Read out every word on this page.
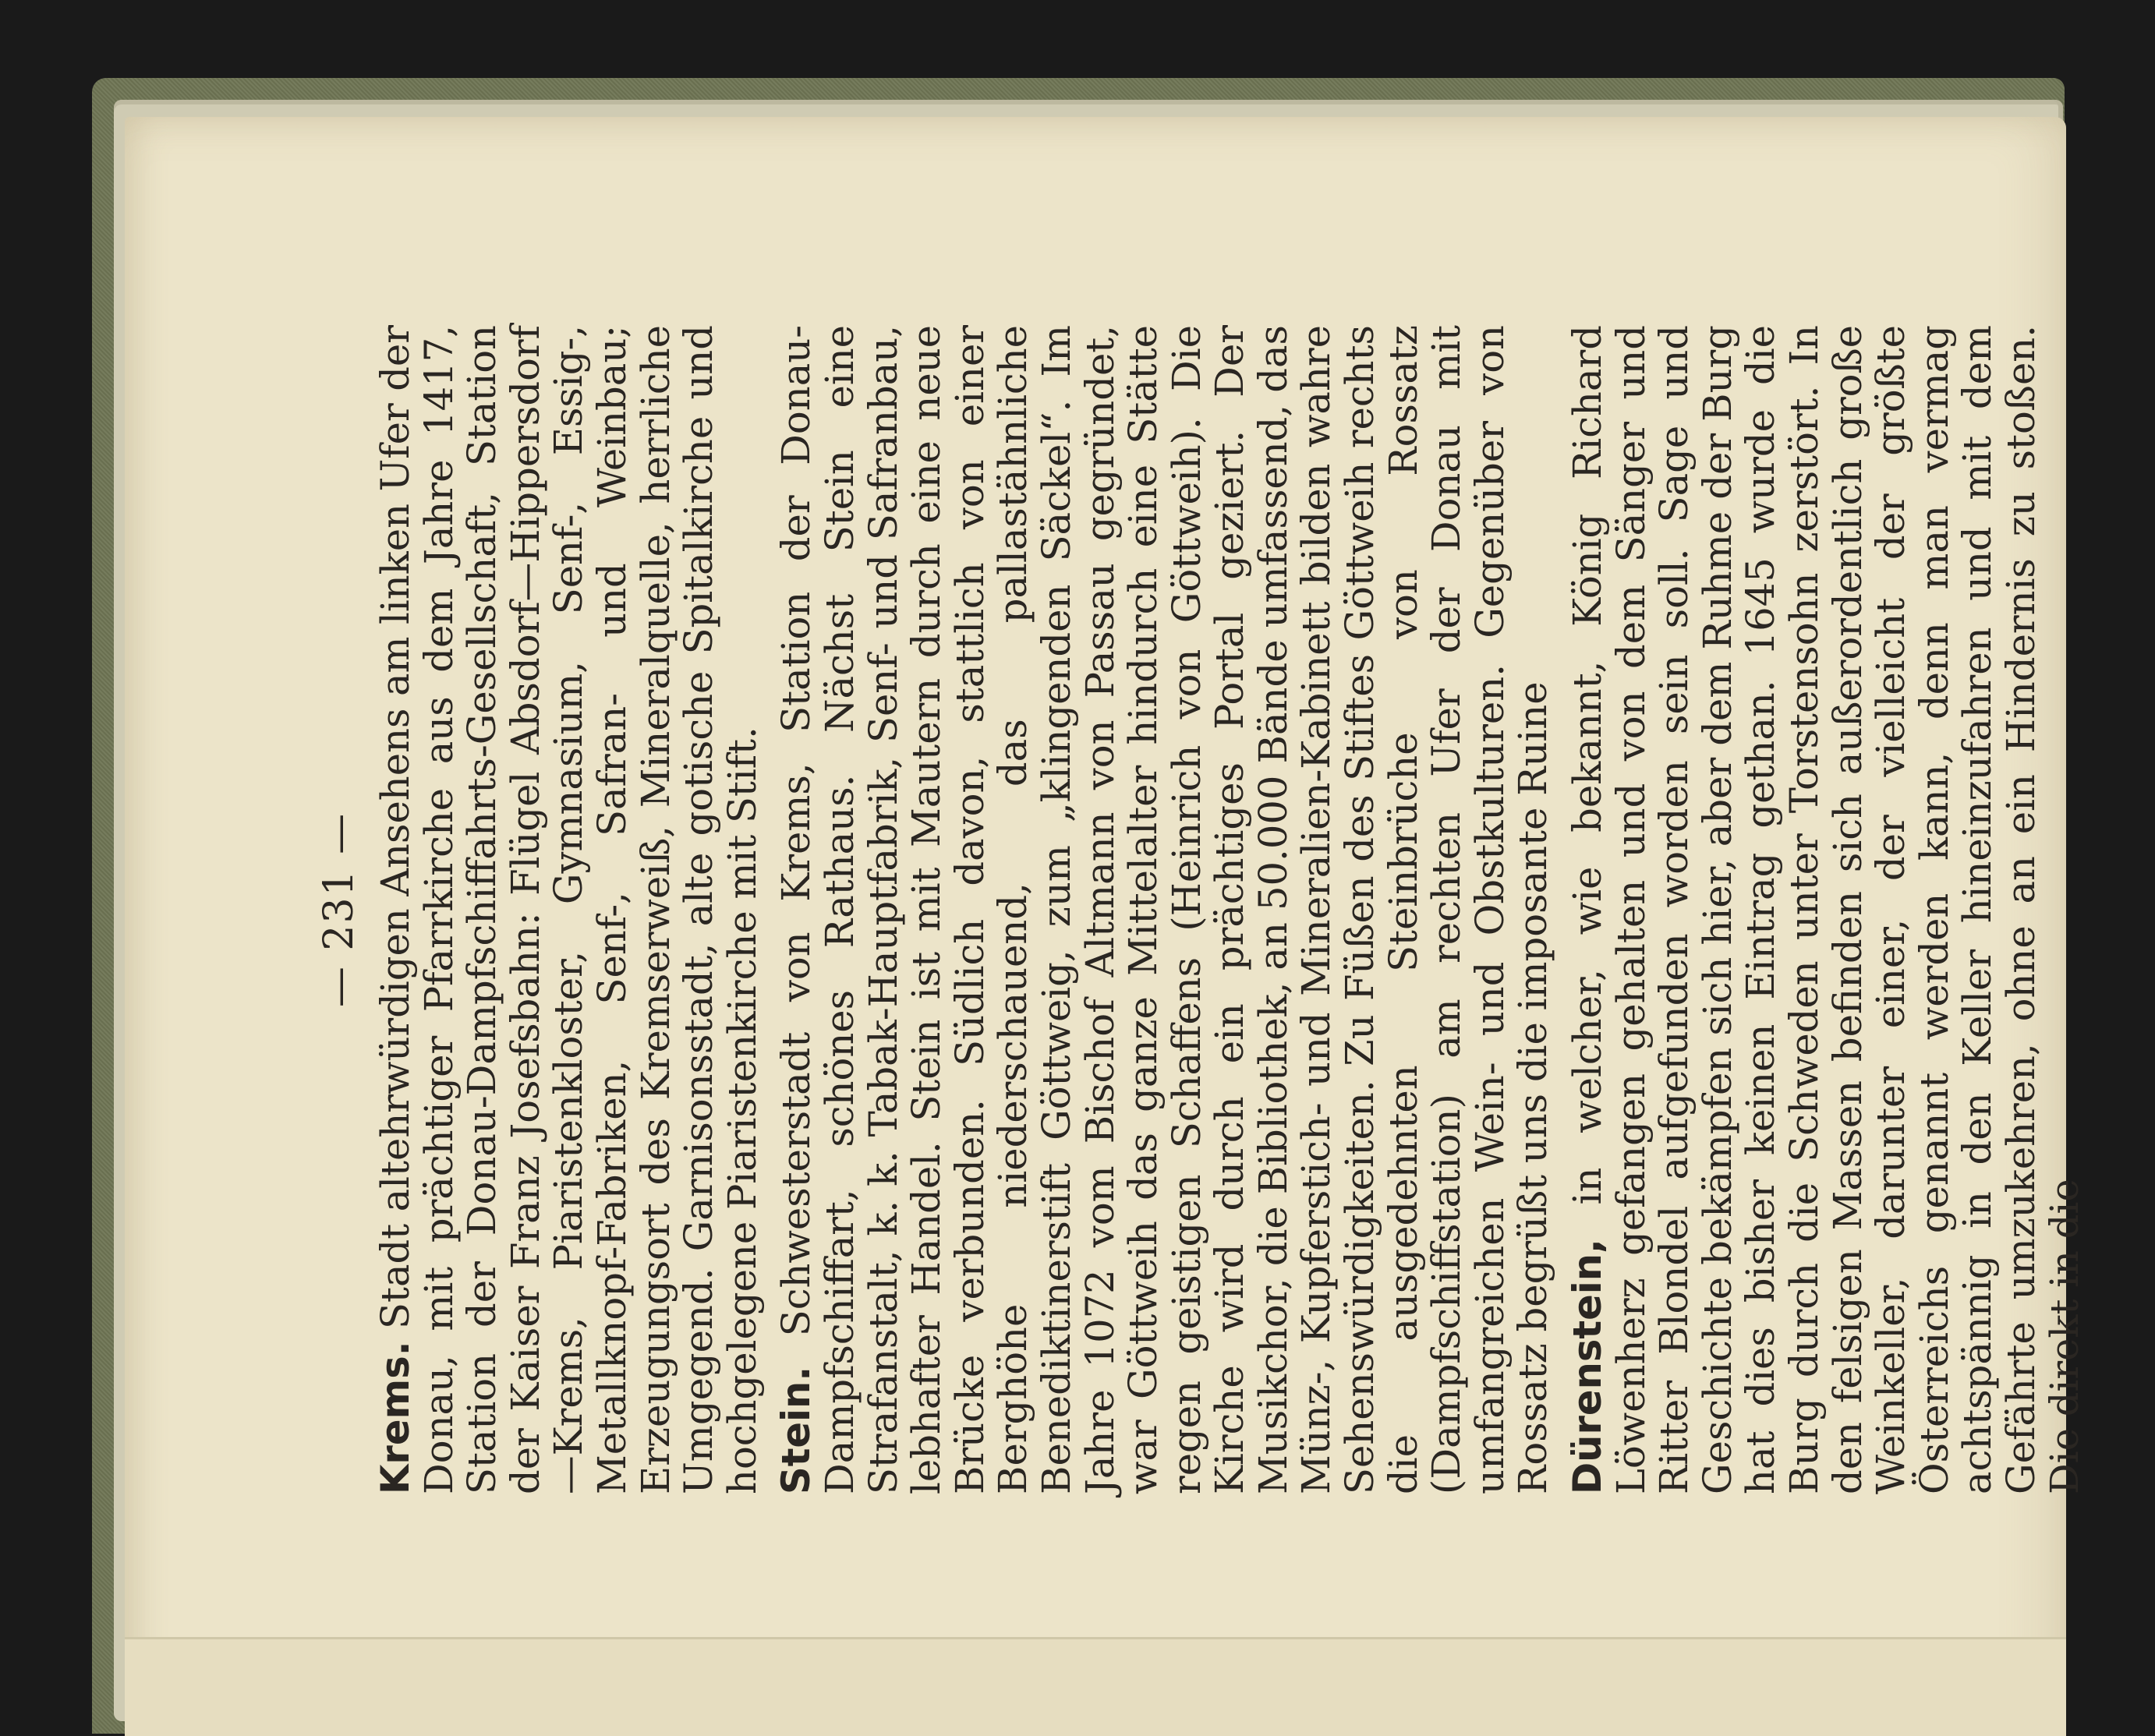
— 231 —

Krems. Stadt altehrwürdigen Ansehens am linken Ufer der Donau, mit prächtiger Pfarrkirche aus dem Jahre 1417, Station der Donau-Dampfschiffahrts-Gesellschaft, Station der Kaiser Franz Josefsbahn: Flügel Absdorf—Hippersdorf—Krems, Piaristenkloster, Gymnasium, Senf-, Essig-, Metallknopf-Fabriken, Senf-, Safran- und Weinbau; Erzeugungsort des Kremserweiß, Mineralquelle, herrliche Umgegend. Garnisonsstadt, alte gotische Spitalkirche und hochgelegene Piaristenkirche mit Stift. Stein. Schwesterstadt von Krems, Station der Donau-Dampfschiffart, schönes Rathaus. Nächst Stein eine Strafanstalt, k. k. Tabak-Hauptfabrik, Senf- und Safranbau, lebhafter Handel. Stein ist mit Mautern durch eine neue Brücke verbunden. Südlich davon, stattlich von einer Berghöhe niederschauend, das pallastähnliche Benediktinerstift Göttweig, zum „klingenden Säckel“. Im Jahre 1072 vom Bischof Altmann von Passau gegründet, war Göttweih das ganze Mittelalter hindurch eine Stätte regen geistigen Schaffens (Heinrich von Göttweih). Die Kirche wird durch ein prächtiges Portal geziert. Der Musikchor, die Bibliothek, an 50.000 Bände umfassend, das Münz-, Kupferstich- und Mineralien-Kabinett bilden wahre Sehenswürdigkeiten. Zu Füßen des Stiftes Göttweih rechts die ausgedehnten Steinbrüche von Rossatz (Dampfschiffstation) am rechten Ufer der Donau mit umfangreichen Wein- und Obstkulturen. Gegenüber von Rossatz begrüßt uns die imposante Ruine Dürenstein, in welcher, wie bekannt, König Richard Löwenherz gefangen gehalten und von dem Sänger und Ritter Blondel aufgefunden worden sein soll. Sage und Geschichte bekämpfen sich hier, aber dem Ruhme der Burg hat dies bisher keinen Eintrag gethan. 1645 wurde die Burg durch die Schweden unter Torstensohn zerstört. In den felsigen Massen befinden sich außerordentlich große Weinkeller, darunter einer, der vielleicht der größte Österreichs genannt werden kann, denn man vermag achtspännig in den Keller hineinzufahren und mit dem Gefährte umzukehren, ohne an ein Hindernis zu stoßen. Die direkt in die
